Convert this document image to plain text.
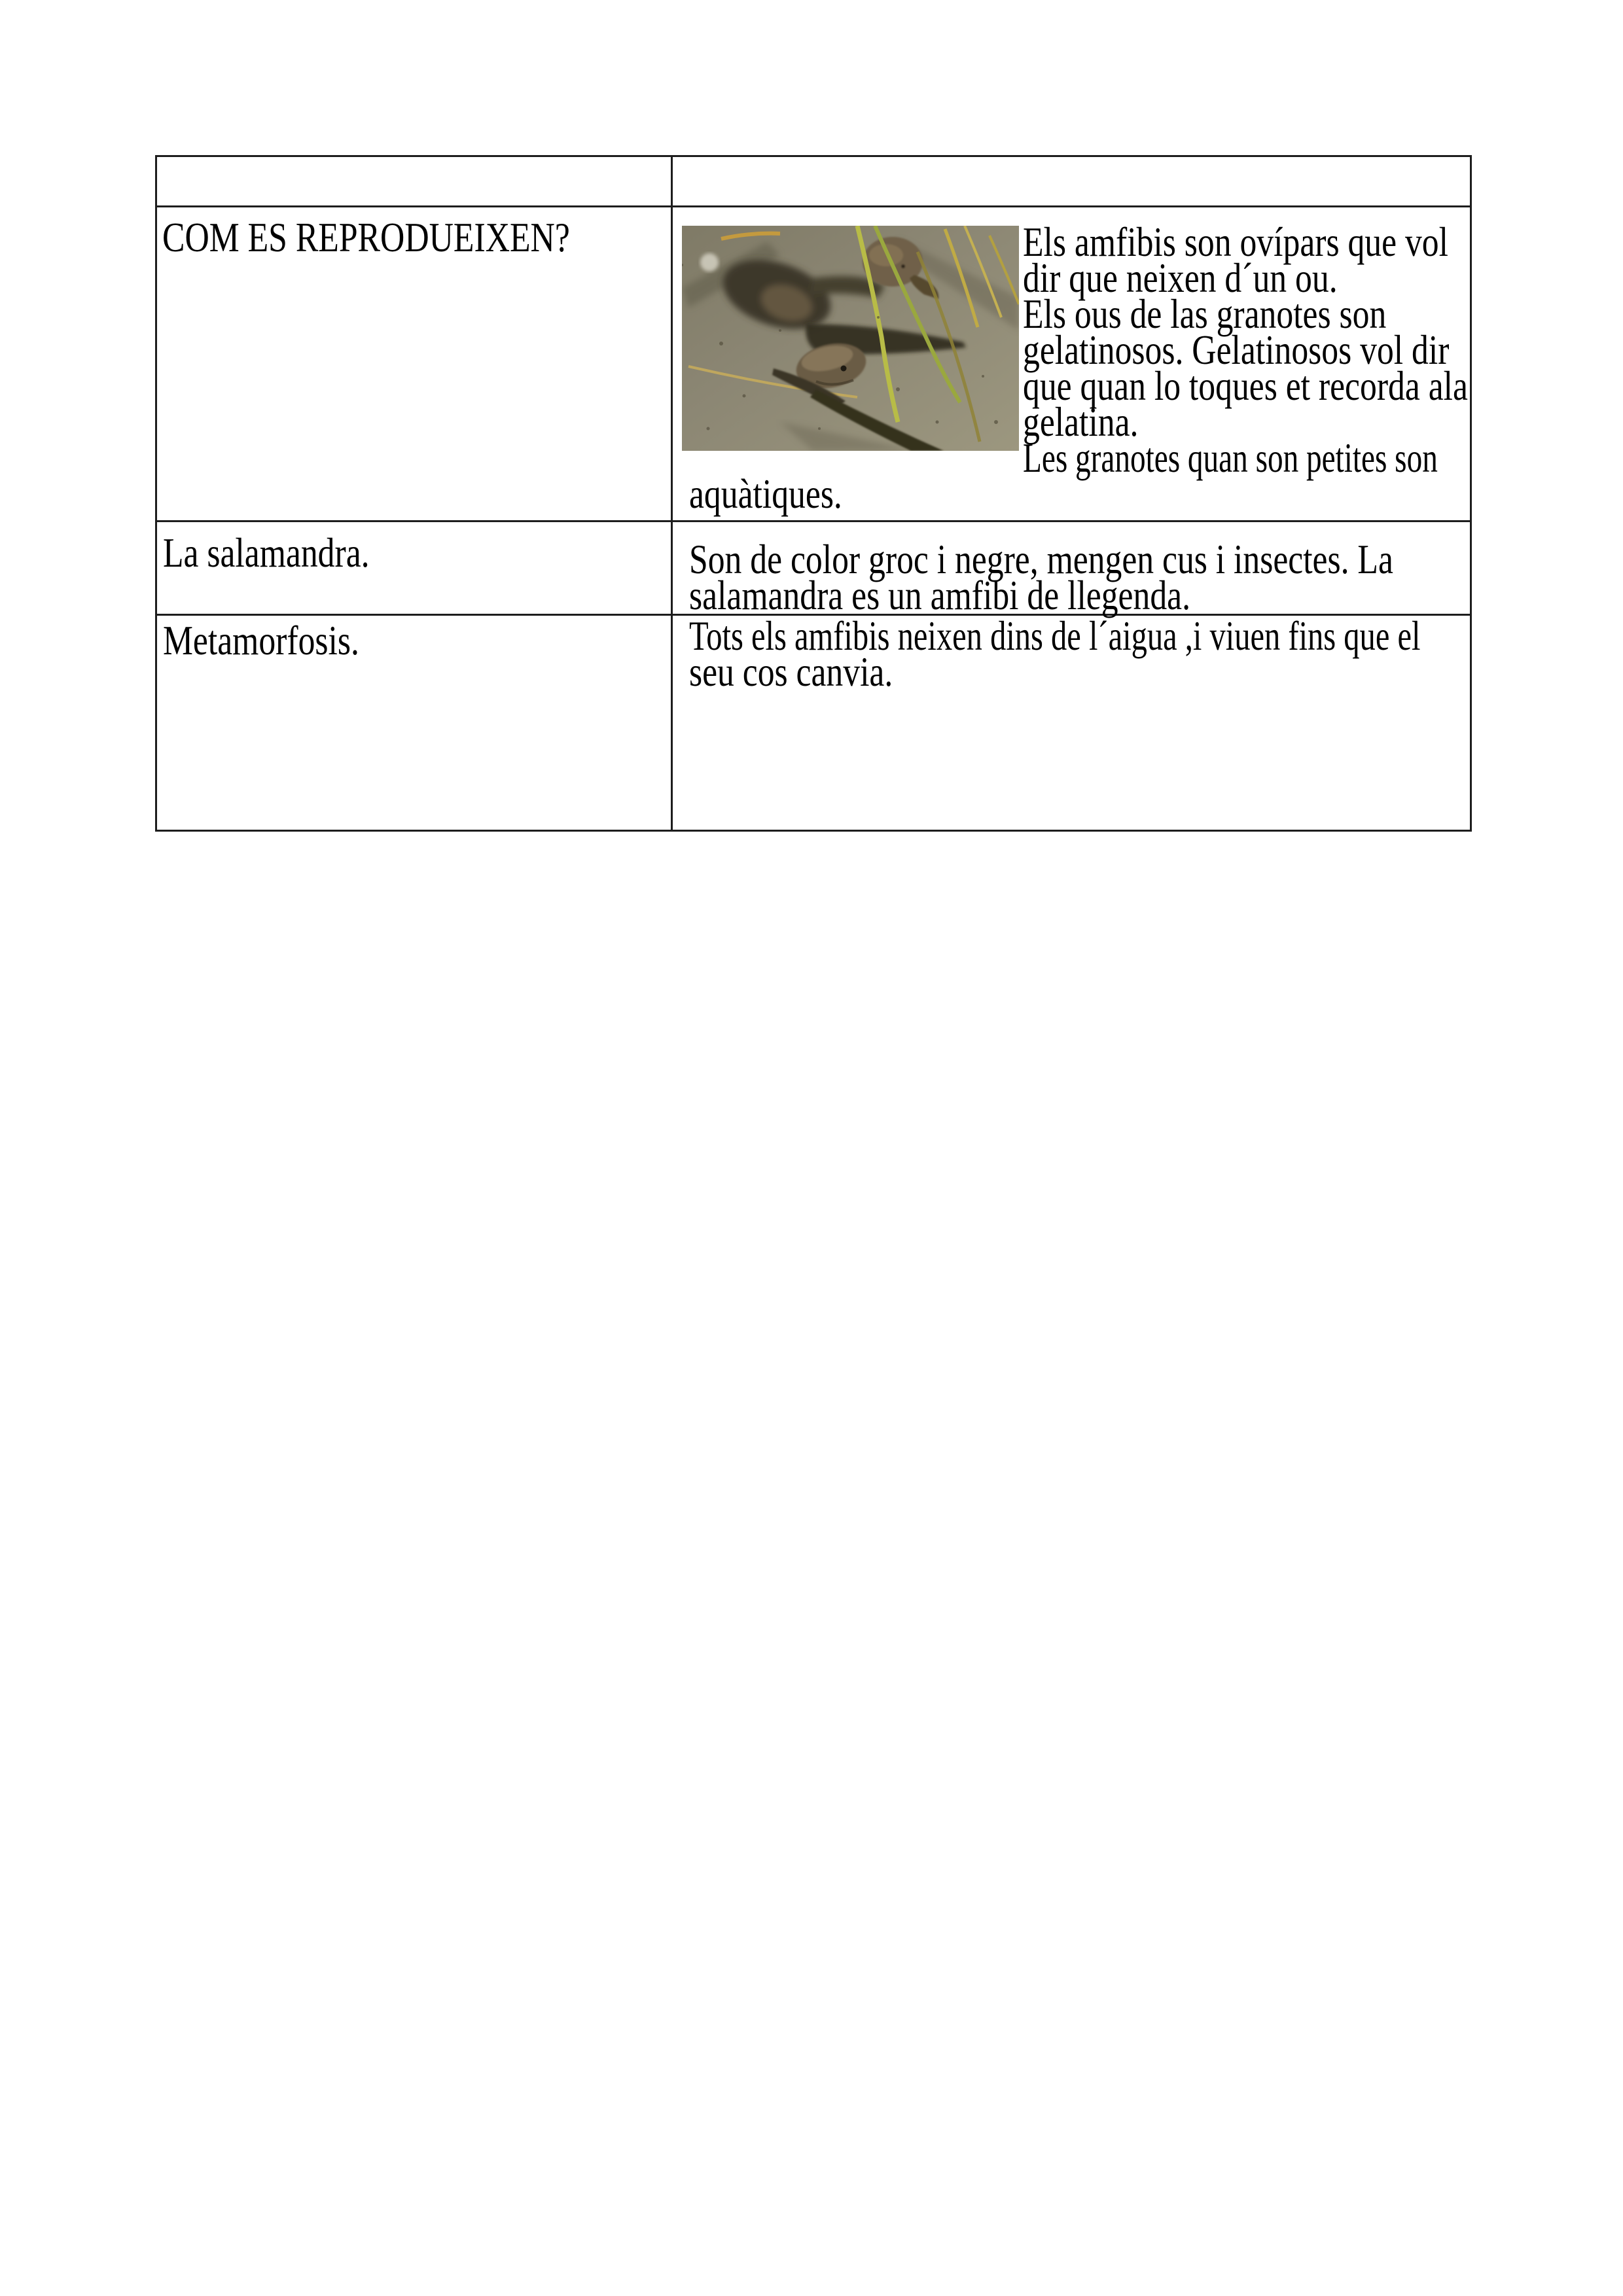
COM ES REPRODUEIXEN?	Els amfibis son ovípars que vol
dir que neixen d´un ou.
Els ous de las granotes son
gelatinosos. Gelatinosos vol dir
que quan lo toques et recorda ala
gelatina.
Les granotes quan son petites son
aquàtiques.
La salamandra.	Son de color groc i negre, mengen cus i insectes. La
salamandra es un amfibi de llegenda.
Metamorfosis.	Tots els amfibis neixen dins de l´aigua ,i viuen fins que el
seu cos canvia.
